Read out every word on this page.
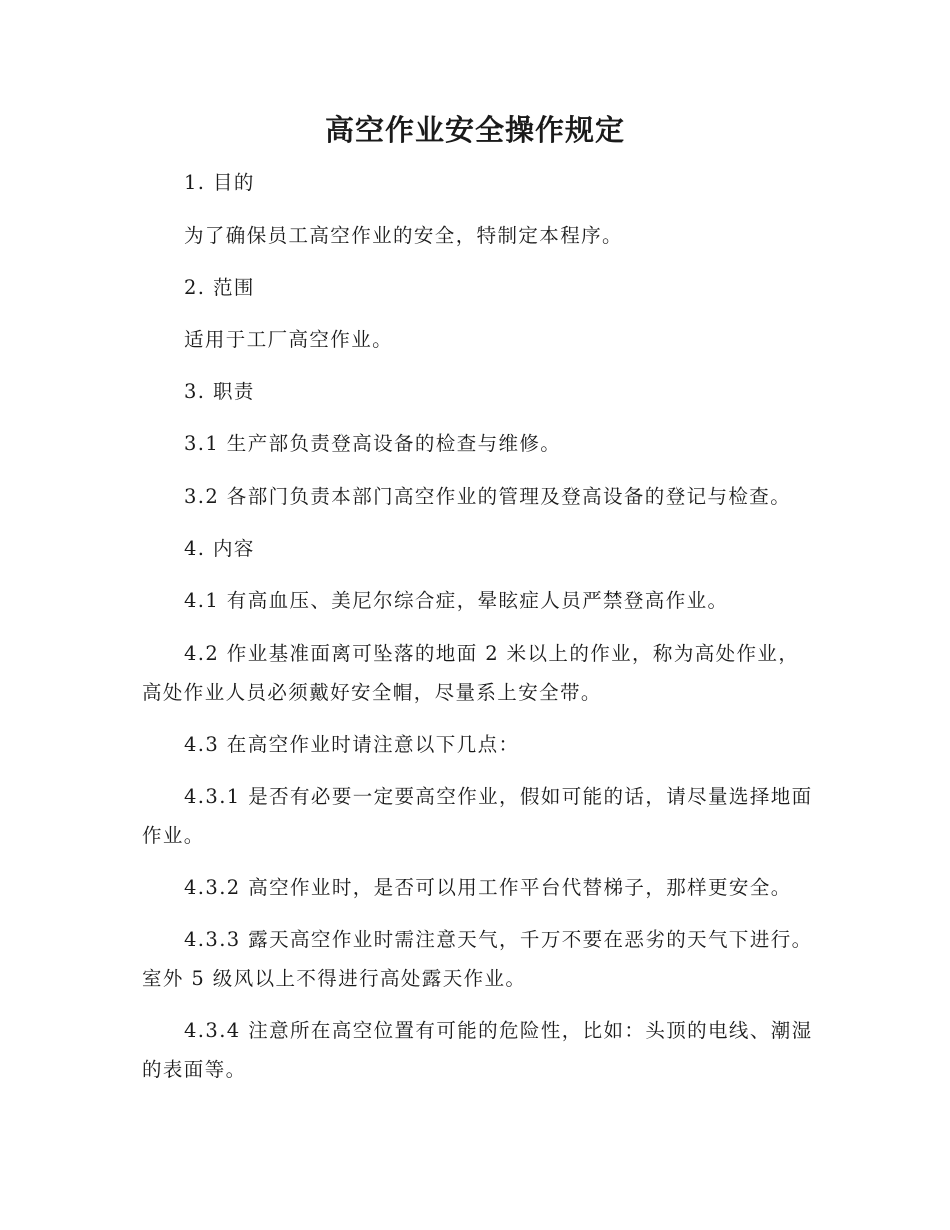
高空作业安全操作规定

1. 目的

为了确保员工高空作业的安全，特制定本程序。

2. 范围

适用于工厂高空作业。

3. 职责

3.1 生产部负责登高设备的检查与维修。

3.2 各部门负责本部门高空作业的管理及登高设备的登记与检查。

4. 内容

4.1 有高血压、美尼尔综合症，晕眩症人员严禁登高作业。

4.2 作业基准面离可坠落的地面 2 米以上的作业，称为高处作业，高处作业人员必须戴好安全帽，尽量系上安全带。

4.3 在高空作业时请注意以下几点：

4.3.1 是否有必要一定要高空作业，假如可能的话，请尽量选择地面作业。

4.3.2 高空作业时，是否可以用工作平台代替梯子，那样更安全。

4.3.3 露天高空作业时需注意天气，千万不要在恶劣的天气下进行。室外 5 级风以上不得进行高处露天作业。

4.3.4 注意所在高空位置有可能的危险性，比如：头顶的电线、潮湿的表面等。
